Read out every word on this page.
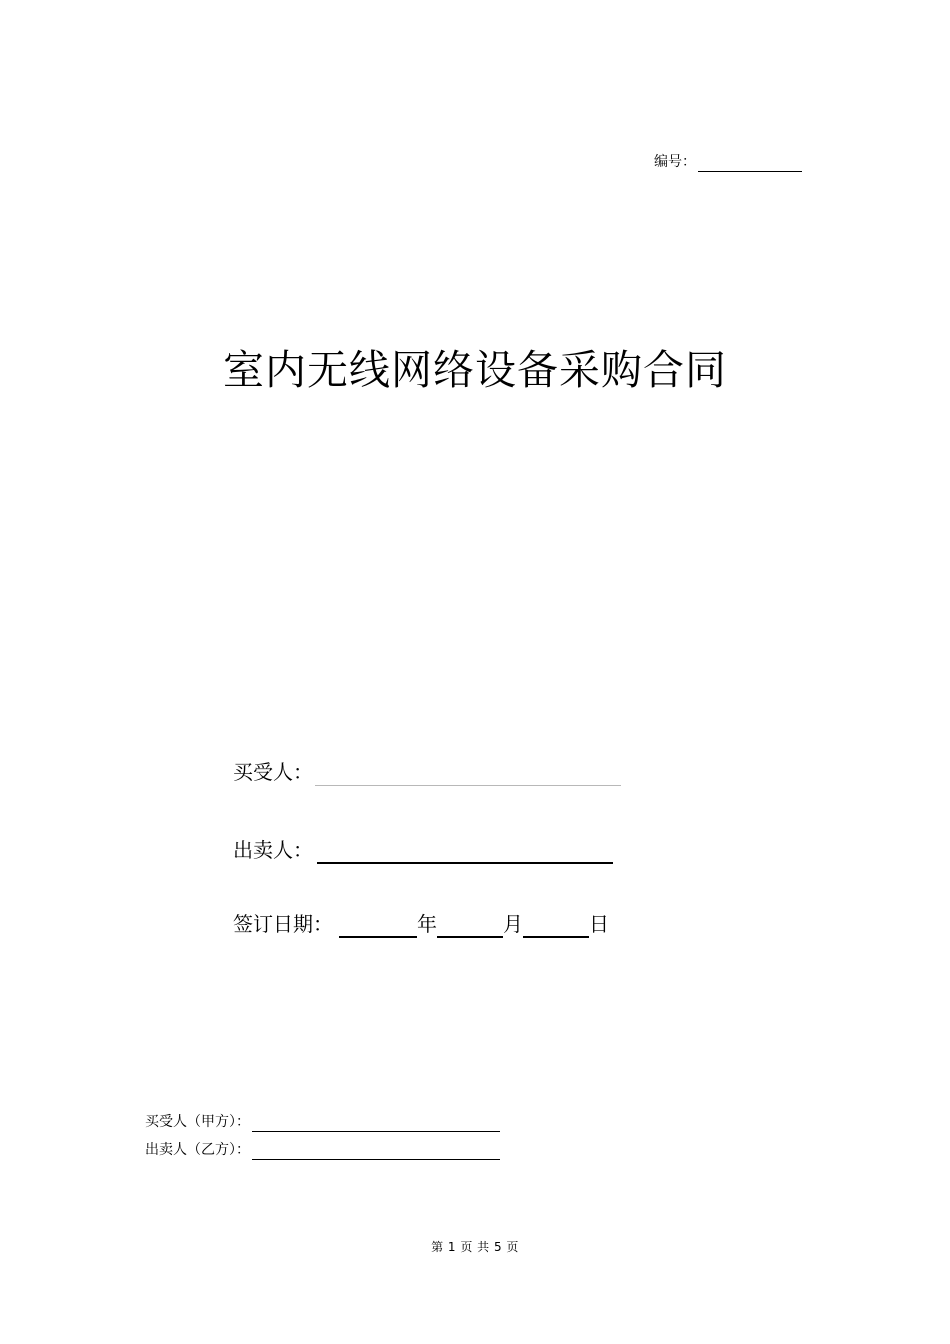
编号：
室内无线网络设备采购合同
买受人：
出卖人：
签订日期：	年	月	日
买受人（甲方）：
出卖人（乙方）：
第 1 页 共 5 页
